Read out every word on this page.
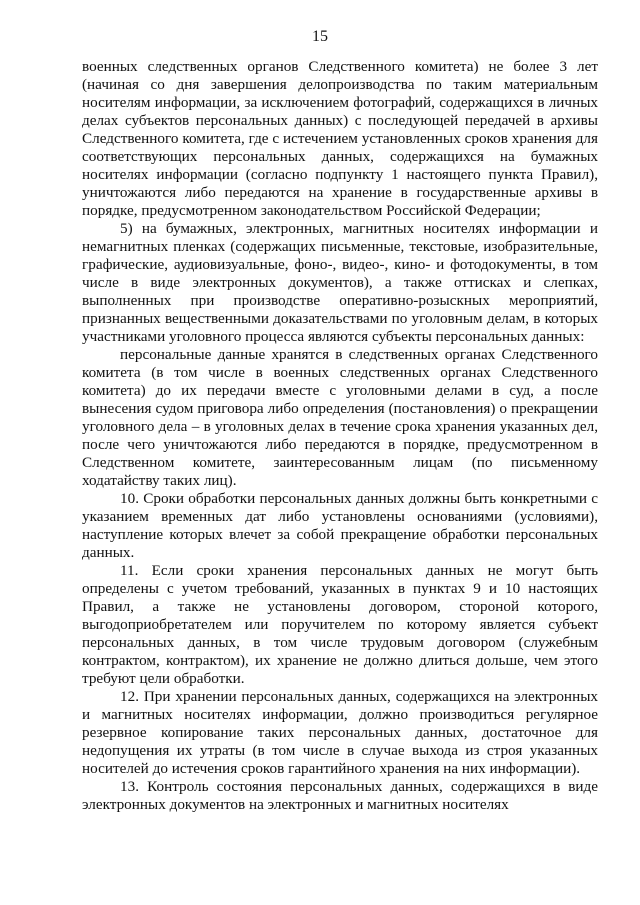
15

военных следственных органов Следственного комитета) не более 3 лет (начиная со дня завершения делопроизводства по таким материальным носителям информации, за исключением фотографий, содержащихся в личных делах субъектов персональных данных) с последующей передачей в архивы Следственного комитета, где с истечением установленных сроков хранения для соответствующих персональных данных, содержащихся на бумажных носителях информации (согласно подпункту 1 настоящего пункта Правил), уничтожаются либо передаются на хранение в государственные архивы в порядке, предусмотренном законодательством Российской Федерации;

5) на бумажных, электронных, магнитных носителях информации и немагнитных пленках (содержащих письменные, текстовые, изобразительные, графические, аудиовизуальные, фоно-, видео-, кино- и фотодокументы, в том числе в виде электронных документов), а также оттисках и слепках, выполненных при производстве оперативно-розыскных мероприятий, признанных вещественными доказательствами по уголовным делам, в которых участниками уголовного процесса являются субъекты персональных данных:

персональные данные хранятся в следственных органах Следственного комитета (в том числе в военных следственных органах Следственного комитета) до их передачи вместе с уголовными делами в суд, а после вынесения судом приговора либо определения (постановления) о прекращении уголовного дела – в уголовных делах в течение срока хранения указанных дел, после чего уничтожаются либо передаются в порядке, предусмотренном в Следственном комитете, заинтересованным лицам (по письменному ходатайству таких лиц).

10. Сроки обработки персональных данных должны быть конкретными с указанием временных дат либо установлены основаниями (условиями), наступление которых влечет за собой прекращение обработки персональных данных.

11. Если сроки хранения персональных данных не могут быть определены с учетом требований, указанных в пунктах 9 и 10 настоящих Правил, а также не установлены договором, стороной которого, выгодоприобретателем или поручителем по которому является субъект персональных данных, в том числе трудовым договором (служебным контрактом, контрактом), их хранение не должно длиться дольше, чем этого требуют цели обработки.

12. При хранении персональных данных, содержащихся на электронных и магнитных носителях информации, должно производиться регулярное резервное копирование таких персональных данных, достаточное для недопущения их утраты (в том числе в случае выхода из строя указанных носителей до истечения сроков гарантийного хранения на них информации).

13. Контроль состояния персональных данных, содержащихся в виде электронных документов на электронных и магнитных носителях
